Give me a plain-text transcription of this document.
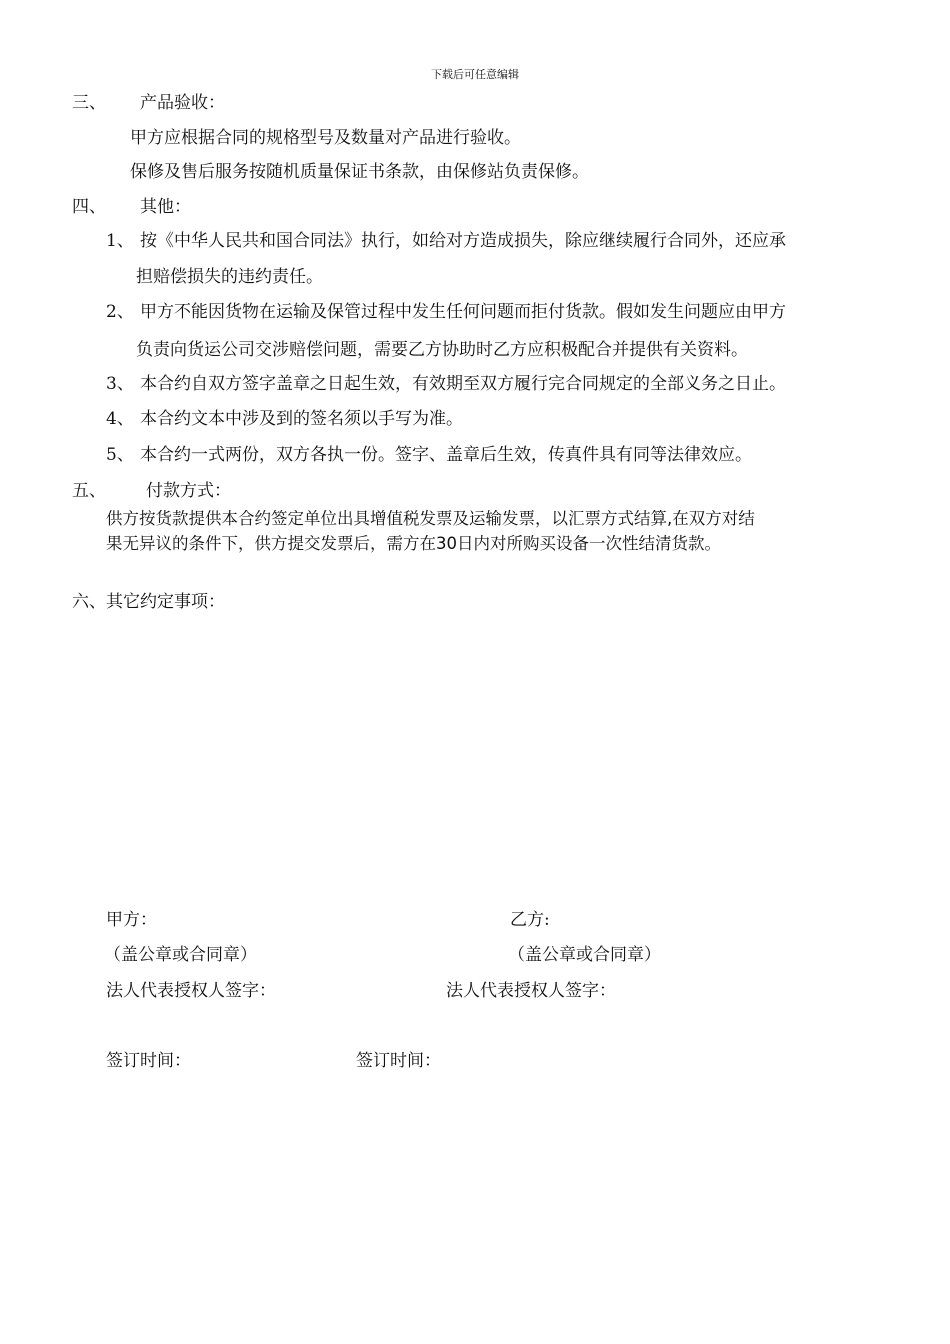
下载后可任意编辑
三、 产品验收：
甲方应根据合同的规格型号及数量对产品进行验收。
保修及售后服务按随机质量保证书条款，由保修站负责保修。
四、 其他：
1、 按《中华人民共和国合同法》执行，如给对方造成损失，除应继续履行合同外，还应承
担赔偿损失的违约责任。
2、 甲方不能因货物在运输及保管过程中发生任何问题而拒付货款。假如发生问题应由甲方
负责向货运公司交涉赔偿问题，需要乙方协助时乙方应积极配合并提供有关资料。
3、 本合约自双方签字盖章之日起生效，有效期至双方履行完合同规定的全部义务之日止。
4、 本合约文本中涉及到的签名须以手写为准。
5、 本合约一式两份，双方各执一份。签字、盖章后生效，传真件具有同等法律效应。
五、 付款方式：
供方按货款提供本合约签定单位出具增值税发票及运输发票，以汇票方式结算,在双方对结
果无异议的条件下，供方提交发票后，需方在30日内对所购买设备一次性结清货款。
六、其它约定事项：
甲方：	乙方:
（盖公章或合同章）	（盖公章或合同章）
法人代表授权人签字：	法人代表授权人签字：
签订时间：	签订时间：
